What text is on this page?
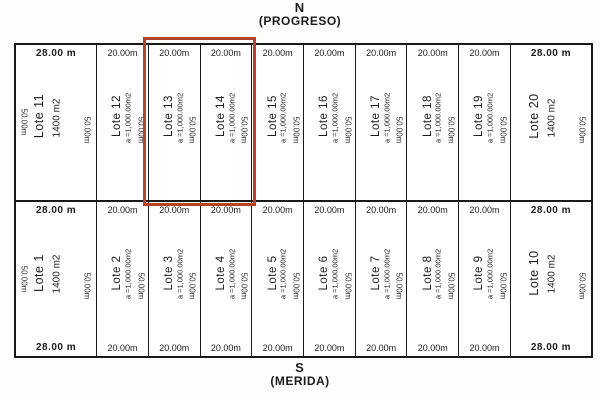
N
(PROGRESO)
28.00 m
Lote 11 1400 m2
50.00m	50.00m
20.00m
Lote 12 a =1,000.00m2 50.00m
20.00m
Lote 13 a =1,000.00m2 50.00m
20.00m
Lote 14 a =1,000.00m2 50.00m
20.00m
Lote 15 a =1,000.00m2 50.00m
20.00m
Lote 16 a =1,000.00m2 50.00m
20.00m
Lote 17 a =1,000.00m2 50.00m
20.00m
Lote 18 a =1,000.00m2 50.00m
20.00m
Lote 19 a =1,000.00m2 50.00m
28.00 m
Lote 20 1400 m2	50.00m
28.00 m
Lote 1 1400 m2
50.00m	50.00m
28.00 m
20.00m
Lote 2 a =1,000.00m2 50.00m
20.00m
20.00m
Lote 3 a =1,000.00m2 50.00m
20.00m
20.00m
Lote 4 a =1,000.00m2 50.00m
20.00m
20.00m
Lote 5 a =1,000.00m2 50.00m
20.00m
20.00m
Lote 6 a =1,000.00m2 50.00m
20.00m
20.00m
Lote 7 a =1,000.00m2 50.00m
20.00m
20.00m
Lote 8 a =1,000.00m2 50.00m
20.00m
20.00m
Lote 9 a =1,000.00m2 50.00m
20.00m
28.00 m
Lote 10 1400 m2	50.00m
28.00 m
S
(MERIDA)
